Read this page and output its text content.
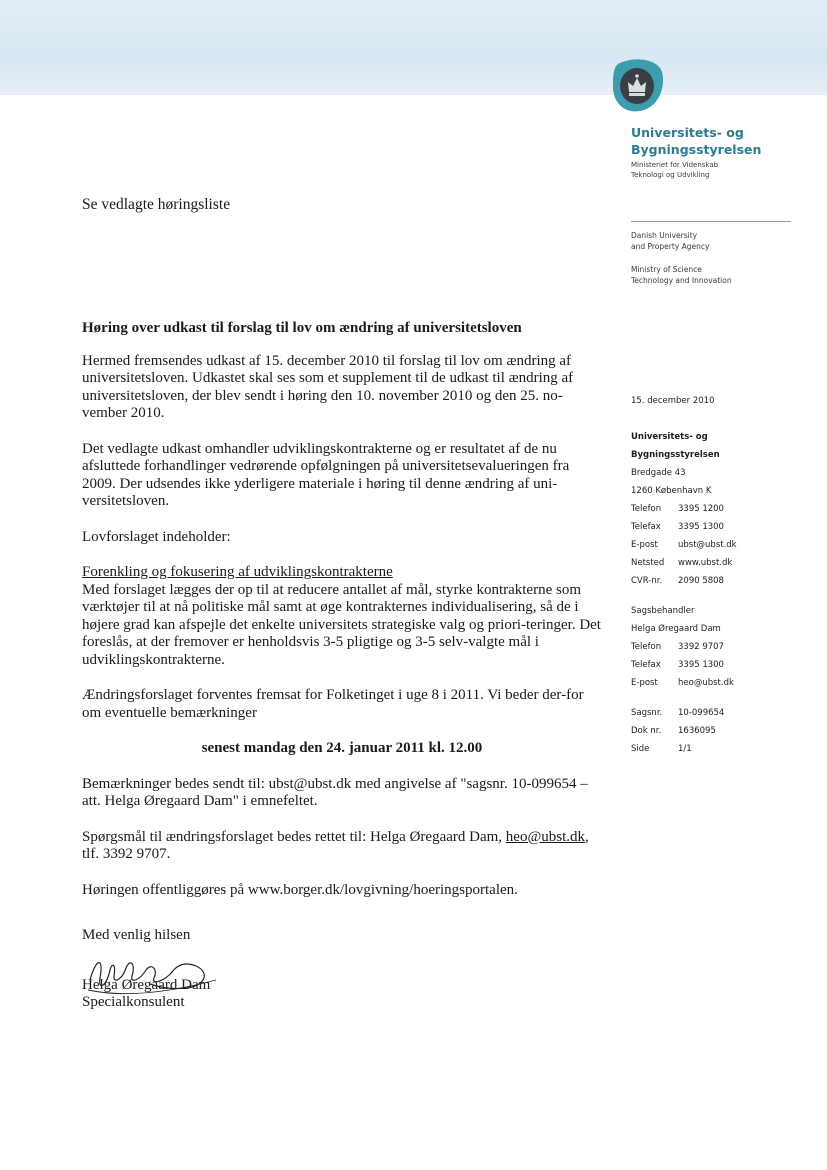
Universitets- og Bygningsstyrelsen
Ministeriet for Videnskab
Teknologi og Udvikling
Danish University
and Property Agency
Ministry of Science
Technology and Innovation
Se vedlagte høringsliste

Høring over udkast til forslag til lov om ændring af universitetsloven

Hermed fremsendes udkast af 15. december 2010 til forslag til lov om ændring af universitetsloven. Udkastet skal ses som et supplement til de udkast til ændring af universitetsloven, der blev sendt i høring den 10. november 2010 og den 25. no-vember 2010.

Det vedlagte udkast omhandler udviklingskontrakterne og er resultatet af de nu afsluttede forhandlinger vedrørende opfølgningen på universitetsevalueringen fra 2009. Der udsendes ikke yderligere materiale i høring til denne ændring af uni-versitetsloven.

Lovforslaget indeholder:

Forenkling og fokusering af udviklingskontrakterne
Med forslaget lægges der op til at reducere antallet af mål, styrke kontrakterne som værktøjer til at nå politiske mål samt at øge kontrakternes individualisering, så de i højere grad kan afspejle det enkelte universitets strategiske valg og priori-teringer. Det foreslås, at der fremover er henholdsvis 3-5 pligtige og 3-5 selv-valgte mål i udviklingskontrakterne.

Ændringsforslaget forventes fremsat for Folketinget i uge 8 i 2011. Vi beder der-for om eventuelle bemærkninger

senest mandag den 24. januar 2011 kl. 12.00

Bemærkninger bedes sendt til: ubst@ubst.dk med angivelse af "sagsnr. 10-099654 – att. Helga Øregaard Dam" i emnefeltet.

Spørgsmål til ændringsforslaget bedes rettet til: Helga Øregaard Dam, heo@ubst.dk, tlf. 3392 9707.

Høringen offentliggøres på www.borger.dk/lovgivning/hoeringsportalen.

Med venlig hilsen
Helga Øregaard Dam
Specialkonsulent
15. december 2010
Universitets- og
Bygningsstyrelsen
Bredgade 43
1260 København K
Telefon	3395 1200
Telefax	3395 1300
E-post	ubst@ubst.dk
Netsted	www.ubst.dk
CVR-nr.	2090 5808
Sagsbehandler
Helga Øregaard Dam
Telefon	3392 9707
Telefax	3395 1300
E-post	heo@ubst.dk
Sagsnr.	10-099654
Dok nr.	1636095
Side	1/1
